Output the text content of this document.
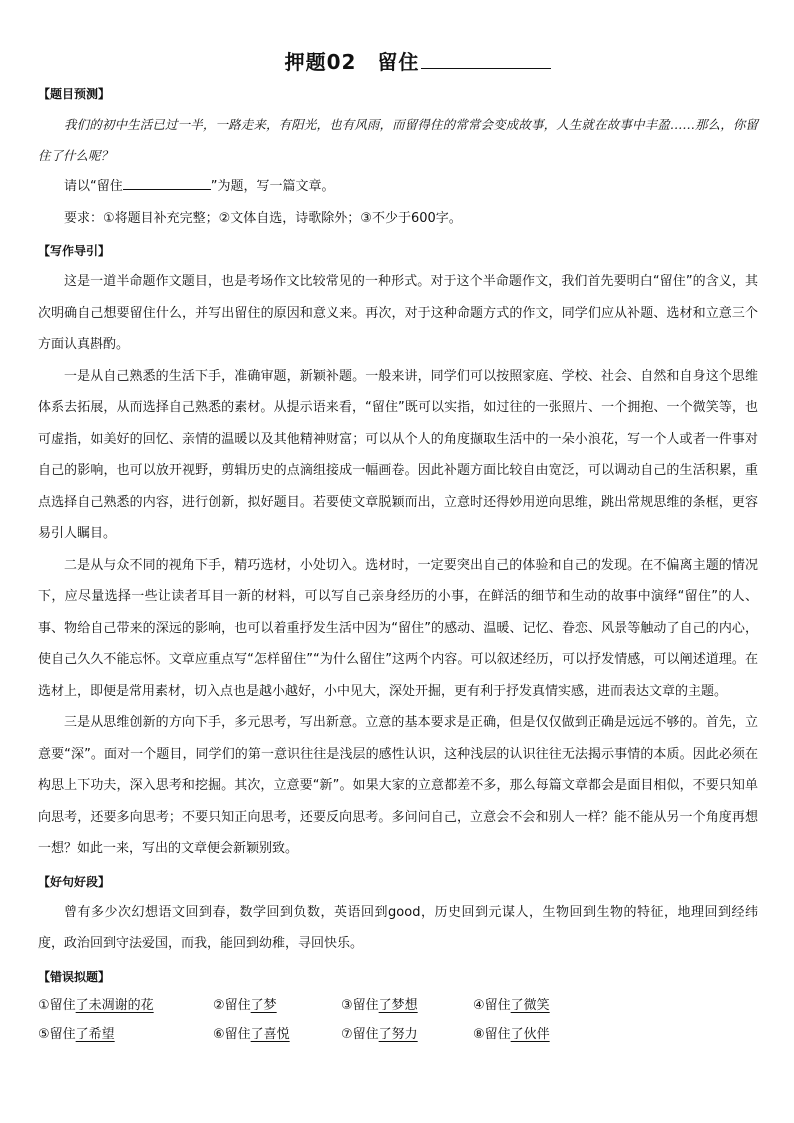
押题02　留住
【题目预测】

我们的初中生活已过一半，一路走来，有阳光，也有风雨，而留得住的常常会变成故事，人生就在故事中丰盈……那么，你留住了什么呢？

请以“留住	”为题，写一篇文章。

要求：①将题目补充完整；②文体自选，诗歌除外；③不少于600字。

【写作导引】

这是一道半命题作文题目，也是考场作文比较常见的一种形式。对于这个半命题作文，我们首先要明白“留住”的含义，其次明确自己想要留住什么，并写出留住的原因和意义来。再次，对于这种命题方式的作文，同学们应从补题、选材和立意三个方面认真斟酌。

一是从自己熟悉的生活下手，准确审题，新颖补题。一般来讲，同学们可以按照家庭、学校、社会、自然和自身这个思维体系去拓展，从而选择自己熟悉的素材。从提示语来看，“留住”既可以实指，如过往的一张照片、一个拥抱、一个微笑等，也可虚指，如美好的回忆、亲情的温暖以及其他精神财富；可以从个人的角度撷取生活中的一朵小浪花，写一个人或者一件事对自己的影响，也可以放开视野，剪辑历史的点滴组接成一幅画卷。因此补题方面比较自由宽泛，可以调动自己的生活积累，重点选择自己熟悉的内容，进行创新，拟好题目。若要使文章脱颖而出，立意时还得妙用逆向思维，跳出常规思维的条框，更容易引人瞩目。

二是从与众不同的视角下手，精巧选材，小处切入。选材时，一定要突出自己的体验和自己的发现。在不偏离主题的情况下，应尽量选择一些让读者耳目一新的材料，可以写自己亲身经历的小事，在鲜活的细节和生动的故事中演绎“留住”的人、事、物给自己带来的深远的影响，也可以着重抒发生活中因为“留住”的感动、温暖、记忆、眷恋、风景等触动了自己的内心，使自己久久不能忘怀。文章应重点写“怎样留住”“为什么留住”这两个内容。可以叙述经历，可以抒发情感，可以阐述道理。在选材上，即便是常用素材，切入点也是越小越好，小中见大，深处开掘，更有利于抒发真情实感，进而表达文章的主题。

三是从思维创新的方向下手，多元思考，写出新意。立意的基本要求是正确，但是仅仅做到正确是远远不够的。首先，立意要“深”。面对一个题目，同学们的第一意识往往是浅层的感性认识，这种浅层的认识往往无法揭示事情的本质。因此必须在构思上下功夫，深入思考和挖掘。其次，立意要“新”。如果大家的立意都差不多，那么每篇文章都会是面目相似，不要只知单向思考，还要多向思考；不要只知正向思考，还要反向思考。多问问自己，立意会不会和别人一样？能不能从另一个角度再想一想？如此一来，写出的文章便会新颖别致。

【好句好段】

曾有多少次幻想语文回到春，数学回到负数，英语回到good，历史回到元谋人，生物回到生物的特征，地理回到经纬度，政治回到守法爱国，而我，能回到幼稚，寻回快乐。

【错误拟题】
①留住了未凋谢的花	②留住了梦	③留住了梦想	④留住了微笑
⑤留住了希望	⑥留住了喜悦	⑦留住了努力	⑧留住了伙伴
